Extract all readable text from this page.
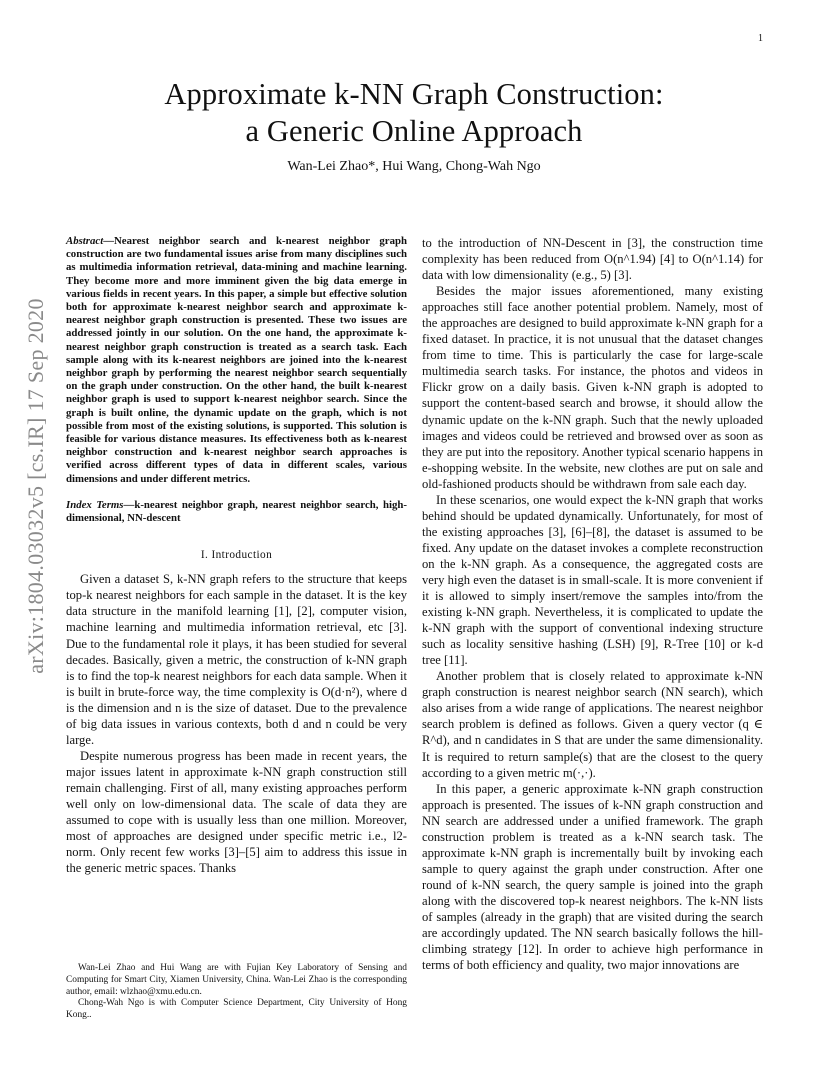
1
Approximate k-NN Graph Construction:
a Generic Online Approach
Wan-Lei Zhao*, Hui Wang, Chong-Wah Ngo
arXiv:1804.03032v5 [cs.IR] 17 Sep 2020

Abstract—Nearest neighbor search and k-nearest neighbor graph construction are two fundamental issues arise from many disciplines such as multimedia information retrieval, data-mining and machine learning. They become more and more imminent given the big data emerge in various fields in recent years. In this paper, a simple but effective solution both for approximate k-nearest neighbor search and approximate k-nearest neighbor graph construction is presented. These two issues are addressed jointly in our solution. On the one hand, the approximate k-nearest neighbor graph construction is treated as a search task. Each sample along with its k-nearest neighbors are joined into the k-nearest neighbor graph by performing the nearest neighbor search sequentially on the graph under construction. On the other hand, the built k-nearest neighbor graph is used to support k-nearest neighbor search. Since the graph is built online, the dynamic update on the graph, which is not possible from most of the existing solutions, is supported. This solution is feasible for various distance measures. Its effectiveness both as k-nearest neighbor construction and k-nearest neighbor search approaches is verified across different types of data in different scales, various dimensions and under different metrics.

Index Terms—k-nearest neighbor graph, nearest neighbor search, high-dimensional, NN-descent

I. Introduction

Given a dataset S, k-NN graph refers to the structure that keeps top-k nearest neighbors for each sample in the dataset. It is the key data structure in the manifold learning [1], [2], computer vision, machine learning and multimedia information retrieval, etc [3]. Due to the fundamental role it plays, it has been studied for several decades. Basically, given a metric, the construction of k-NN graph is to find the top-k nearest neighbors for each data sample. When it is built in brute-force way, the time complexity is O(d·n²), where d is the dimension and n is the size of dataset. Due to the prevalence of big data issues in various contexts, both d and n could be very large.

Despite numerous progress has been made in recent years, the major issues latent in approximate k-NN graph construction still remain challenging. First of all, many existing approaches perform well only on low-dimensional data. The scale of data they are assumed to cope with is usually less than one million. Moreover, most of approaches are designed under specific metric i.e., l2-norm. Only recent few works [3]–[5] aim to address this issue in the generic metric spaces. Thanks

Wan-Lei Zhao and Hui Wang are with Fujian Key Laboratory of Sensing and Computing for Smart City, Xiamen University, China. Wan-Lei Zhao is the corresponding author, email: wlzhao@xmu.edu.cn.

Chong-Wah Ngo is with Computer Science Department, City University of Hong Kong..

to the introduction of NN-Descent in [3], the construction time complexity has been reduced from O(n^1.94) [4] to O(n^1.14) for data with low dimensionality (e.g., 5) [3].

Besides the major issues aforementioned, many existing approaches still face another potential problem. Namely, most of the approaches are designed to build approximate k-NN graph for a fixed dataset. In practice, it is not unusual that the dataset changes from time to time. This is particularly the case for large-scale multimedia search tasks. For instance, the photos and videos in Flickr grow on a daily basis. Given k-NN graph is adopted to support the content-based search and browse, it should allow the dynamic update on the k-NN graph. Such that the newly uploaded images and videos could be retrieved and browsed over as soon as they are put into the repository. Another typical scenario happens in e-shopping website. In the website, new clothes are put on sale and old-fashioned products should be withdrawn from sale each day.

In these scenarios, one would expect the k-NN graph that works behind should be updated dynamically. Unfortunately, for most of the existing approaches [3], [6]–[8], the dataset is assumed to be fixed. Any update on the dataset invokes a complete reconstruction on the k-NN graph. As a consequence, the aggregated costs are very high even the dataset is in small-scale. It is more convenient if it is allowed to simply insert/remove the samples into/from the existing k-NN graph. Nevertheless, it is complicated to update the k-NN graph with the support of conventional indexing structure such as locality sensitive hashing (LSH) [9], R-Tree [10] or k-d tree [11].

Another problem that is closely related to approximate k-NN graph construction is nearest neighbor search (NN search), which also arises from a wide range of applications. The nearest neighbor search problem is defined as follows. Given a query vector (q ∈ R^d), and n candidates in S that are under the same dimensionality. It is required to return sample(s) that are the closest to the query according to a given metric m(·,·).

In this paper, a generic approximate k-NN graph construction approach is presented. The issues of k-NN graph construction and NN search are addressed under a unified framework. The graph construction problem is treated as a k-NN search task. The approximate k-NN graph is incrementally built by invoking each sample to query against the graph under construction. After one round of k-NN search, the query sample is joined into the graph along with the discovered top-k nearest neighbors. The k-NN lists of samples (already in the graph) that are visited during the search are accordingly updated. The NN search basically follows the hill-climbing strategy [12]. In order to achieve high performance in terms of both efficiency and quality, two major innovations are
